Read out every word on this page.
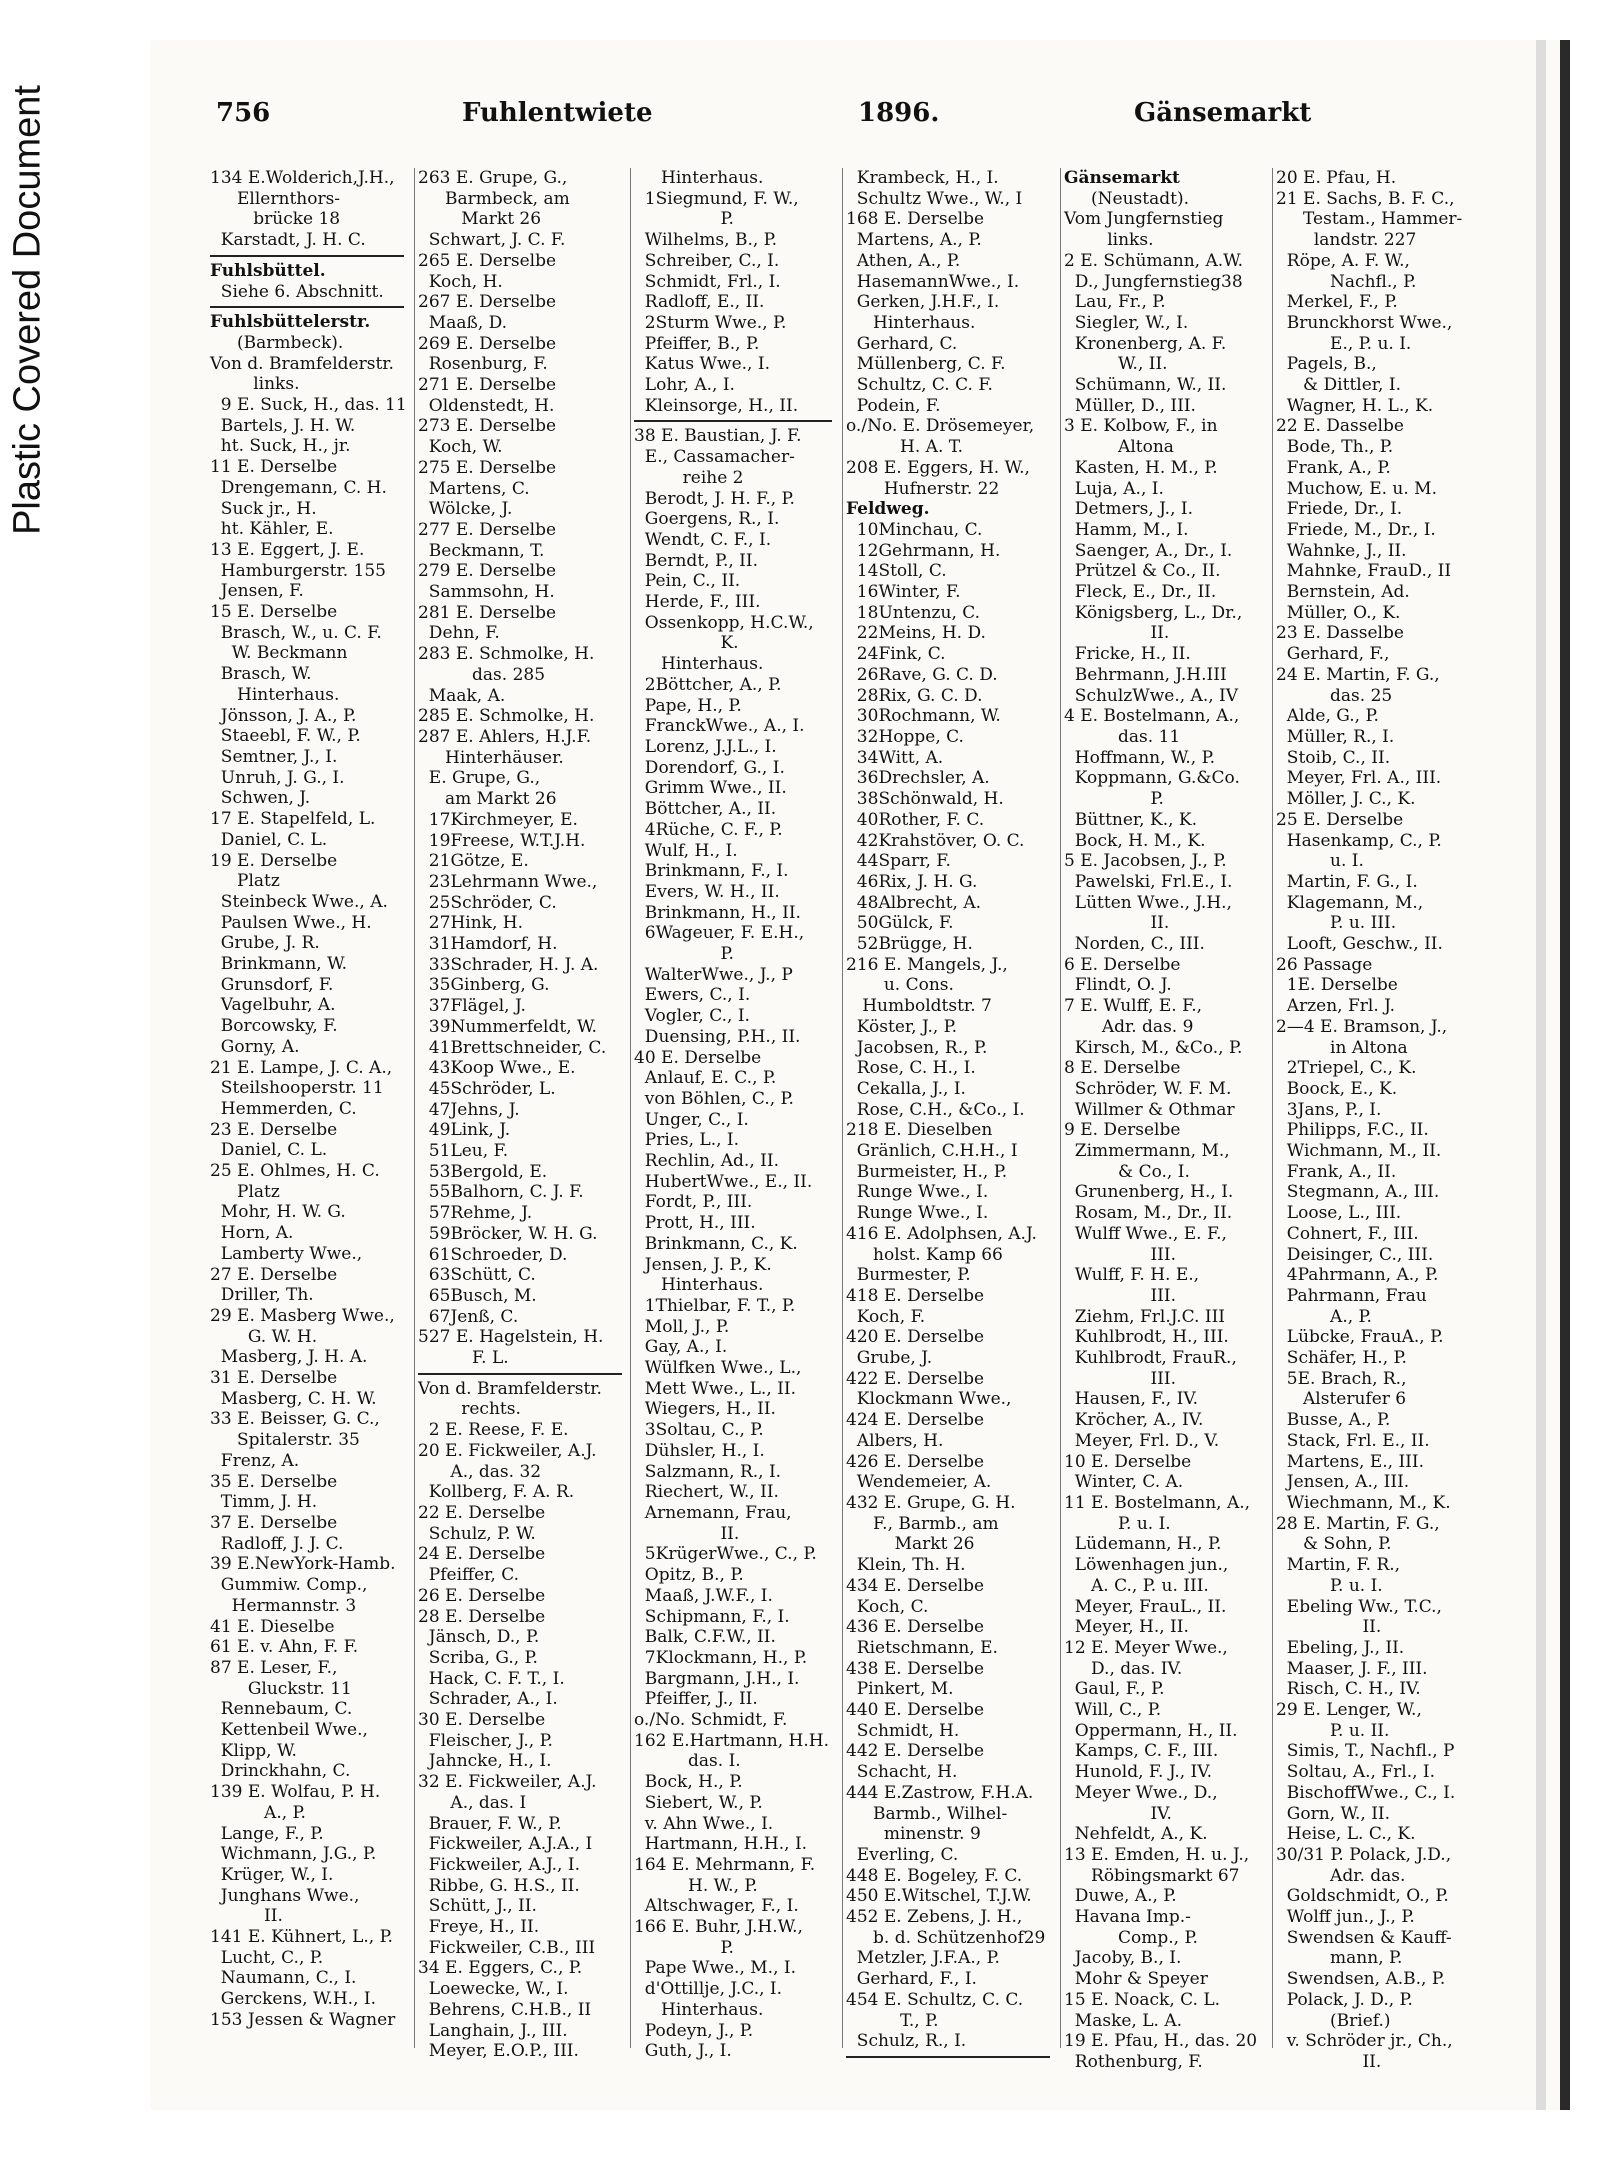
Plastic Covered Document	756	Fuhlentwiete	1896.	Gänsemarkt
134 E.Wolderich,J.H.,
Ellernthors-
brücke 18
Karstadt, J. H. C.
Fuhlsbüttel.
Siehe 6. Abschnitt.
Fuhlsbüttelerstr.
(Barmbeck).
Von d. Bramfelderstr.
links.
9 E. Suck, H., das. 11
Bartels, J. H. W.
ht. Suck, H., jr.
11 E. Derselbe
Drengemann, C. H.
Suck jr., H.
ht. Kähler, E.
13 E. Eggert, J. E.
Hamburgerstr. 155
Jensen, F.
15 E. Derselbe
Brasch, W., u. C. F.
W. Beckmann
Brasch, W.
Hinterhaus.
Jönsson, J. A., P.
Staeebl, F. W., P.
Semtner, J., I.
Unruh, J. G., I.
Schwen, J.
17 E. Stapelfeld, L.
Daniel, C. L.
19 E. Derselbe
Platz
Steinbeck Wwe., A.
Paulsen Wwe., H.
Grube, J. R.
Brinkmann, W.
Grunsdorf, F.
Vagelbuhr, A.
Borcowsky, F.
Gorny, A.
21 E. Lampe, J. C. A.,
Steilshooperstr. 11
Hemmerden, C.
23 E. Derselbe
Daniel, C. L.
25 E. Ohlmes, H. C.
Platz
Mohr, H. W. G.
Horn, A.
Lamberty Wwe.,
27 E. Derselbe
Driller, Th.
29 E. Masberg Wwe.,
G. W. H.
Masberg, J. H. A.
31 E. Derselbe
Masberg, C. H. W.
33 E. Beisser, G. C.,
Spitalerstr. 35
Frenz, A.
35 E. Derselbe
Timm, J. H.
37 E. Derselbe
Radloff, J. J. C.
39 E.NewYork-Hamb.
Gummiw. Comp.,
Hermannstr. 3
41 E. Dieselbe
61 E. v. Ahn, F. F.
87 E. Leser, F.,
Gluckstr. 11
Rennebaum, C.
Kettenbeil Wwe.,
Klipp, W.
Drinckhahn, C.
139 E. Wolfau, P. H.
A., P.
Lange, F., P.
Wichmann, J.G., P.
Krüger, W., I.
Junghans Wwe.,
II.
141 E. Kühnert, L., P.
Lucht, C., P.
Naumann, C., I.
Gerckens, W.H., I.
153 Jessen & Wagner
263 E. Grupe, G.,
Barmbeck, am
Markt 26
Schwart, J. C. F.
265 E. Derselbe
Koch, H.
267 E. Derselbe
Maaß, D.
269 E. Derselbe
Rosenburg, F.
271 E. Derselbe
Oldenstedt, H.
273 E. Derselbe
Koch, W.
275 E. Derselbe
Martens, C.
Wölcke, J.
277 E. Derselbe
Beckmann, T.
279 E. Derselbe
Sammsohn, H.
281 E. Derselbe
Dehn, F.
283 E. Schmolke, H.
das. 285
Maak, A.
285 E. Schmolke, H.
287 E. Ahlers, H.J.F.
Hinterhäuser.
E. Grupe, G.,
am Markt 26
17Kirchmeyer, E.
19Freese, W.T.J.H.
21Götze, E.
23Lehrmann Wwe.,
25Schröder, C.
27Hink, H.
31Hamdorf, H.
33Schrader, H. J. A.
35Ginberg, G.
37Flägel, J.
39Nummerfeldt, W.
41Brettschneider, C.
43Koop Wwe., E.
45Schröder, L.
47Jehns, J.
49Link, J.
51Leu, F.
53Bergold, E.
55Balhorn, C. J. F.
57Rehme, J.
59Bröcker, W. H. G.
61Schroeder, D.
63Schütt, C.
65Busch, M.
67Jenß, C.
527 E. Hagelstein, H.
F. L.
Von d. Bramfelderstr.
rechts.
2 E. Reese, F. E.
20 E. Fickweiler, A.J.
A., das. 32
Kollberg, F. A. R.
22 E. Derselbe
Schulz, P. W.
24 E. Derselbe
Pfeiffer, C.
26 E. Derselbe
28 E. Derselbe
Jänsch, D., P.
Scriba, G., P.
Hack, C. F. T., I.
Schrader, A., I.
30 E. Derselbe
Fleischer, J., P.
Jahncke, H., I.
32 E. Fickweiler, A.J.
A., das. I
Brauer, F. W., P.
Fickweiler, A.J.A., I
Fickweiler, A.J., I.
Ribbe, G. H.S., II.
Schütt, J., II.
Freye, H., II.
Fickweiler, C.B., III
34 E. Eggers, C., P.
Loewecke, W., I.
Behrens, C.H.B., II
Langhain, J., III.
Meyer, E.O.P., III.
Hinterhaus.
1Siegmund, F. W.,
P.
Wilhelms, B., P.
Schreiber, C., I.
Schmidt, Frl., I.
Radloff, E., II.
2Sturm Wwe., P.
Pfeiffer, B., P.
Katus Wwe., I.
Lohr, A., I.
Kleinsorge, H., II.
38 E. Baustian, J. F.
E., Cassamacher-
reihe 2
Berodt, J. H. F., P.
Goergens, R., I.
Wendt, C. F., I.
Berndt, P., II.
Pein, C., II.
Herde, F., III.
Ossenkopp, H.C.W.,
K.
Hinterhaus.
2Böttcher, A., P.
Pape, H., P.
FranckWwe., A., I.
Lorenz, J.J.L., I.
Dorendorf, G., I.
Grimm Wwe., II.
Böttcher, A., II.
4Rüche, C. F., P.
Wulf, H., I.
Brinkmann, F., I.
Evers, W. H., II.
Brinkmann, H., II.
6Wageuer, F. E.H.,
P.
WalterWwe., J., P
Ewers, C., I.
Vogler, C., I.
Duensing, P.H., II.
40 E. Derselbe
Anlauf, E. C., P.
von Böhlen, C., P.
Unger, C., I.
Pries, L., I.
Rechlin, Ad., II.
HubertWwe., E., II.
Fordt, P., III.
Prott, H., III.
Brinkmann, C., K.
Jensen, J. P., K.
Hinterhaus.
1Thielbar, F. T., P.
Moll, J., P.
Gay, A., I.
Wülfken Wwe., L.,
Mett Wwe., L., II.
Wiegers, H., II.
3Soltau, C., P.
Dühsler, H., I.
Salzmann, R., I.
Riechert, W., II.
Arnemann, Frau,
II.
5KrügerWwe., C., P.
Opitz, B., P.
Maaß, J.W.F., I.
Schipmann, F., I.
Balk, C.F.W., II.
7Klockmann, H., P.
Bargmann, J.H., I.
Pfeiffer, J., II.
o./No. Schmidt, F.
162 E.Hartmann, H.H.
das. I.
Bock, H., P.
Siebert, W., P.
v. Ahn Wwe., I.
Hartmann, H.H., I.
164 E. Mehrmann, F.
H. W., P.
Altschwager, F., I.
166 E. Buhr, J.H.W.,
P.
Pape Wwe., M., I.
d'Ottillje, J.C., I.
Hinterhaus.
Podeyn, J., P.
Guth, J., I.
Krambeck, H., I.
Schultz Wwe., W., I
168 E. Derselbe
Martens, A., P.
Athen, A., P.
HasemannWwe., I.
Gerken, J.H.F., I.
Hinterhaus.
Gerhard, C.
Müllenberg, C. F.
Schultz, C. C. F.
Podein, F.
o./No. E. Drösemeyer,
H. A. T.
208 E. Eggers, H. W.,
Hufnerstr. 22
Feldweg.
10Minchau, C.
12Gehrmann, H.
14Stoll, C.
16Winter, F.
18Untenzu, C.
22Meins, H. D.
24Fink, C.
26Rave, G. C. D.
28Rix, G. C. D.
30Rochmann, W.
32Hoppe, C.
34Witt, A.
36Drechsler, A.
38Schönwald, H.
40Rother, F. C.
42Krahstöver, O. C.
44Sparr, F.
46Rix, J. H. G.
48Albrecht, A.
50Gülck, F.
52Brügge, H.
216 E. Mangels, J.,
u. Cons.
Humboldtstr. 7
Köster, J., P.
Jacobsen, R., P.
Rose, C. H., I.
Cekalla, J., I.
Rose, C.H., &Co., I.
218 E. Dieselben
Gränlich, C.H.H., I
Burmeister, H., P.
Runge Wwe., I.
Runge Wwe., I.
416 E. Adolphsen, A.J.
holst. Kamp 66
Burmester, P.
418 E. Derselbe
Koch, F.
420 E. Derselbe
Grube, J.
422 E. Derselbe
Klockmann Wwe.,
424 E. Derselbe
Albers, H.
426 E. Derselbe
Wendemeier, A.
432 E. Grupe, G. H.
F., Barmb., am
Markt 26
Klein, Th. H.
434 E. Derselbe
Koch, C.
436 E. Derselbe
Rietschmann, E.
438 E. Derselbe
Pinkert, M.
440 E. Derselbe
Schmidt, H.
442 E. Derselbe
Schacht, H.
444 E.Zastrow, F.H.A.
Barmb., Wilhel-
minenstr. 9
Everling, C.
448 E. Bogeley, F. C.
450 E.Witschel, T.J.W.
452 E. Zebens, J. H.,
b. d. Schützenhof29
Metzler, J.F.A., P.
Gerhard, F., I.
454 E. Schultz, C. C.
T., P.
Schulz, R., I.
Gänsemarkt
(Neustadt).
Vom Jungfernstieg
links.
2 E. Schümann, A.W.
D., Jungfernstieg38
Lau, Fr., P.
Siegler, W., I.
Kronenberg, A. F.
W., II.
Schümann, W., II.
Müller, D., III.
3 E. Kolbow, F., in
Altona
Kasten, H. M., P.
Luja, A., I.
Detmers, J., I.
Hamm, M., I.
Saenger, A., Dr., I.
Prützel & Co., II.
Fleck, E., Dr., II.
Königsberg, L., Dr.,
II.
Fricke, H., II.
Behrmann, J.H.III
SchulzWwe., A., IV
4 E. Bostelmann, A.,
das. 11
Hoffmann, W., P.
Koppmann, G.&Co.
P.
Büttner, K., K.
Bock, H. M., K.
5 E. Jacobsen, J., P.
Pawelski, Frl.E., I.
Lütten Wwe., J.H.,
II.
Norden, C., III.
6 E. Derselbe
Flindt, O. J.
7 E. Wulff, E. F.,
Adr. das. 9
Kirsch, M., &Co., P.
8 E. Derselbe
Schröder, W. F. M.
Willmer & Othmar
9 E. Derselbe
Zimmermann, M.,
& Co., I.
Grunenberg, H., I.
Rosam, M., Dr., II.
Wulff Wwe., E. F.,
III.
Wulff, F. H. E.,
III.
Ziehm, Frl.J.C. III
Kuhlbrodt, H., III.
Kuhlbrodt, FrauR.,
III.
Hausen, F., IV.
Kröcher, A., IV.
Meyer, Frl. D., V.
10 E. Derselbe
Winter, C. A.
11 E. Bostelmann, A.,
P. u. I.
Lüdemann, H., P.
Löwenhagen jun.,
A. C., P. u. III.
Meyer, FrauL., II.
Meyer, H., II.
12 E. Meyer Wwe.,
D., das. IV.
Gaul, F., P.
Will, C., P.
Oppermann, H., II.
Kamps, C. F., III.
Hunold, F. J., IV.
Meyer Wwe., D.,
IV.
Nehfeldt, A., K.
13 E. Emden, H. u. J.,
Röbingsmarkt 67
Duwe, A., P.
Havana Imp.-
Comp., P.
Jacoby, B., I.
Mohr & Speyer
15 E. Noack, C. L.
Maske, L. A.
19 E. Pfau, H., das. 20
Rothenburg, F.
20 E. Pfau, H.
21 E. Sachs, B. F. C.,
Testam., Hammer-
landstr. 227
Röpe, A. F. W.,
Nachfl., P.
Merkel, F., P.
Brunckhorst Wwe.,
E., P. u. I.
Pagels, B.,
& Dittler, I.
Wagner, H. L., K.
22 E. Dasselbe
Bode, Th., P.
Frank, A., P.
Muchow, E. u. M.
Friede, Dr., I.
Friede, M., Dr., I.
Wahnke, J., II.
Mahnke, FrauD., II
Bernstein, Ad.
Müller, O., K.
23 E. Dasselbe
Gerhard, F.,
24 E. Martin, F. G.,
das. 25
Alde, G., P.
Müller, R., I.
Stoib, C., II.
Meyer, Frl. A., III.
Möller, J. C., K.
25 E. Derselbe
Hasenkamp, C., P.
u. I.
Martin, F. G., I.
Klagemann, M.,
P. u. III.
Looft, Geschw., II.
26 Passage
1E. Derselbe
Arzen, Frl. J.
2—4 E. Bramson, J.,
in Altona
2Triepel, C., K.
Boock, E., K.
3Jans, P., I.
Philipps, F.C., II.
Wichmann, M., II.
Frank, A., II.
Stegmann, A., III.
Loose, L., III.
Cohnert, F., III.
Deisinger, C., III.
4Pahrmann, A., P.
Pahrmann, Frau
A., P.
Lübcke, FrauA., P.
Schäfer, H., P.
5E. Brach, R.,
Alsterufer 6
Busse, A., P.
Stack, Frl. E., II.
Martens, E., III.
Jensen, A., III.
Wiechmann, M., K.
28 E. Martin, F. G.,
& Sohn, P.
Martin, F. R.,
P. u. I.
Ebeling Ww., T.C.,
II.
Ebeling, J., II.
Maaser, J. F., III.
Risch, C. H., IV.
29 E. Lenger, W.,
P. u. II.
Simis, T., Nachfl., P
Soltau, A., Frl., I.
BischoffWwe., C., I.
Gorn, W., II.
Heise, L. C., K.
30/31 P. Polack, J.D.,
Adr. das.
Goldschmidt, O., P.
Wolff jun., J., P.
Swendsen & Kauff-
mann, P.
Swendsen, A.B., P.
Polack, J. D., P.
(Brief.)
v. Schröder jr., Ch.,
II.
